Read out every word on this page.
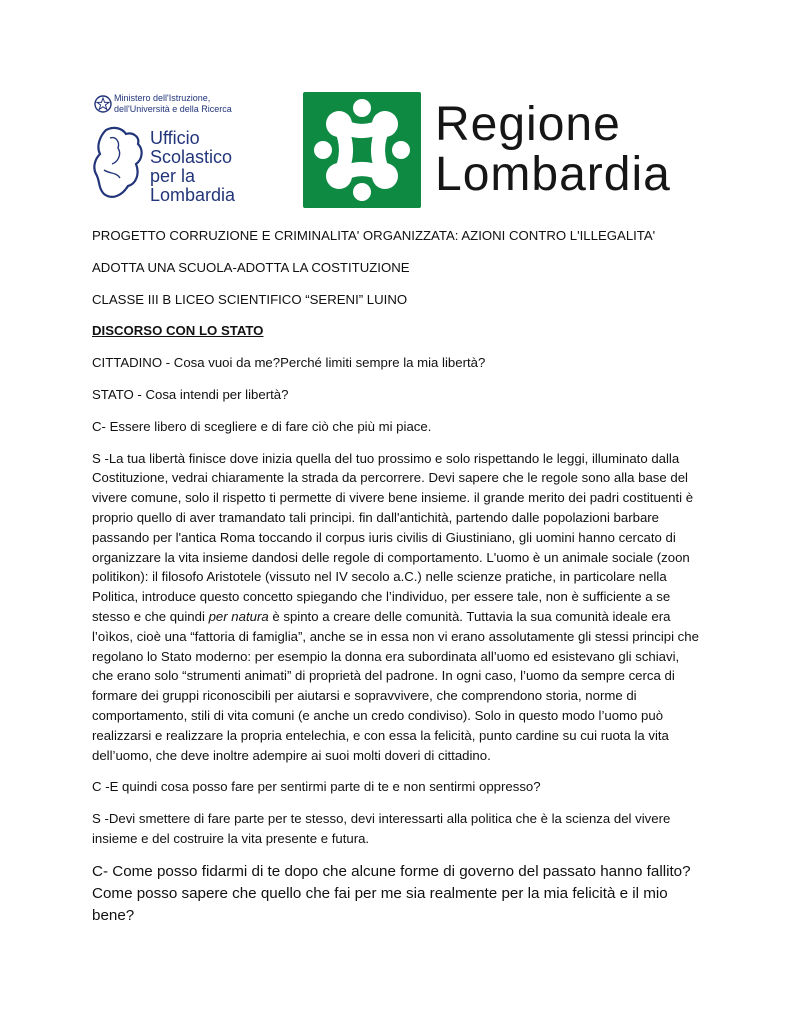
Ministero dell'Istruzione,
dell'Università e della Ricerca
Ufficio
Scolastico
per la
Lombardia
Regione
Lombardia

PROGETTO CORRUZIONE E CRIMINALITA' ORGANIZZATA: AZIONI CONTRO L'ILLEGALITA'

ADOTTA UNA SCUOLA-ADOTTA LA COSTITUZIONE

CLASSE III B LICEO SCIENTIFICO “SERENI” LUINO

DISCORSO CON LO STATO

CITTADINO - Cosa vuoi da me?Perché limiti sempre la mia libertà?

STATO - Cosa intendi per libertà?

C- Essere libero di scegliere e di fare ciò che più mi piace.

S -La tua libertà finisce dove inizia quella del tuo prossimo e solo rispettando le leggi, illuminato dalla Costituzione, vedrai chiaramente la strada da percorrere. Devi sapere che le regole sono alla base del vivere comune, solo il rispetto ti permette di vivere bene insieme. il grande merito dei padri costituenti è proprio quello di aver tramandato tali principi. fin dall'antichità, partendo dalle popolazioni barbare passando per l'antica Roma toccando il corpus iuris civilis di Giustiniano, gli uomini hanno cercato di organizzare la vita insieme dandosi delle regole di comportamento. L'uomo è un animale sociale (zoon politikon): il filosofo Aristotele (vissuto nel IV secolo a.C.) nelle scienze pratiche, in particolare nella Politica, introduce questo concetto spiegando che l’individuo, per essere tale, non è sufficiente a se stesso e che quindi per natura è spinto a creare delle comunità. Tuttavia la sua comunità ideale era l’oìkos, cioè una “fattoria di famiglia”, anche se in essa non vi erano assolutamente gli stessi principi che regolano lo Stato moderno: per esempio la donna era subordinata all’uomo ed esistevano gli schiavi, che erano solo “strumenti animati” di proprietà del padrone. In ogni caso, l’uomo da sempre cerca di formare dei gruppi riconoscibili per aiutarsi e sopravvivere, che comprendono storia, norme di comportamento, stili di vita comuni (e anche un credo condiviso). Solo in questo modo l’uomo può realizzarsi e realizzare la propria entelechia, e con essa la felicità, punto cardine su cui ruota la vita dell’uomo, che deve inoltre adempire ai suoi molti doveri di cittadino.

C -E quindi cosa posso fare per sentirmi parte di te e non sentirmi oppresso?

S -Devi smettere di fare parte per te stesso, devi interessarti alla politica che è la scienza del vivere insieme e del costruire la vita presente e futura.

C- Come posso fidarmi di te dopo che alcune forme di governo del passato hanno fallito? Come posso sapere che quello che fai per me sia realmente per la mia felicità e il mio bene?
